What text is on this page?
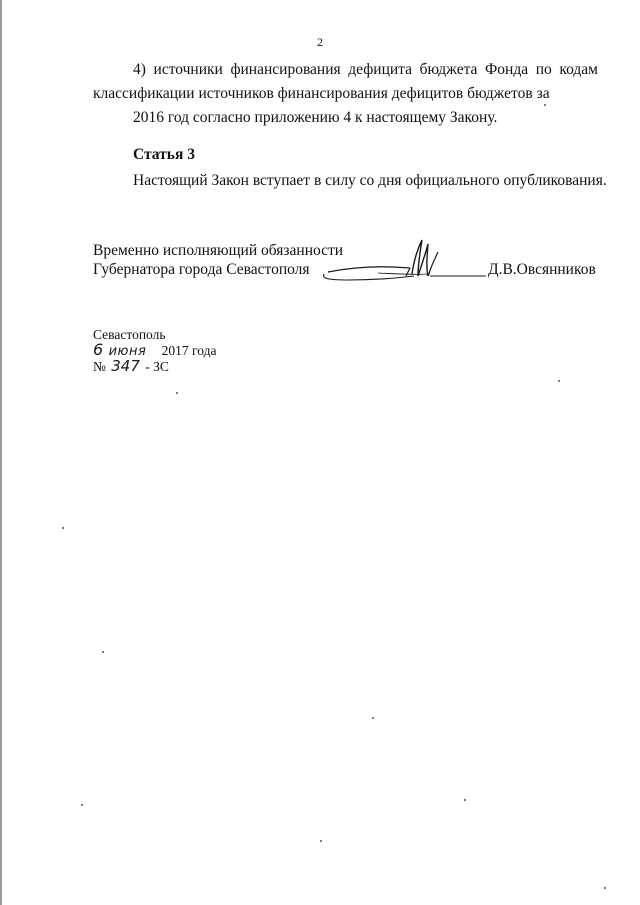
2
4) источники финансирования дефицита бюджета Фонда по кодам классификации источников финансирования дефицитов бюджетов за
2016 год согласно приложению 4 к настоящему Закону.
Статья 3
Настоящий Закон вступает в силу со дня официального опубликования.
Временно исполняющий обязанности
Губернатора города Севастополя	Д.В.Овсянников
Севастополь
6 июня 2017 года
№ 347 - ЗС
